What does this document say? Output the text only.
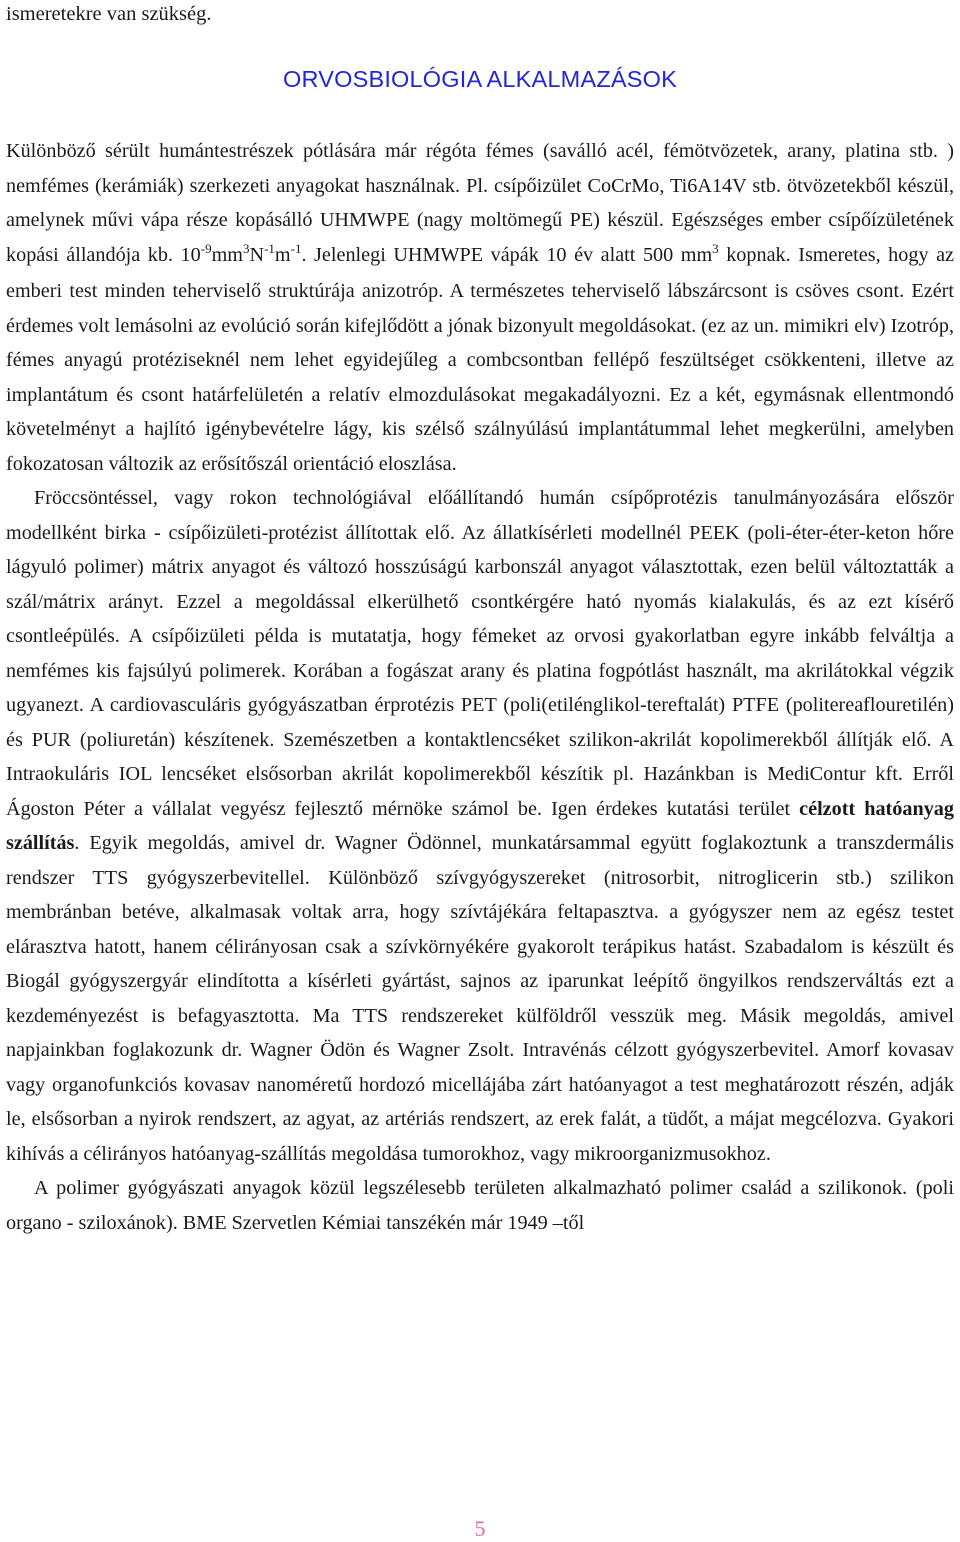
ismeretekre van szükség.
ORVOSBIOLÓGIA ALKALMAZÁSOK

Különböző sérült humántestrészek pótlására már régóta fémes (saválló acél, fémötvözetek, arany, platina stb. ) nemfémes (kerámiák) szerkezeti anyagokat használnak. Pl. csípőizület CoCrMo, Ti6A14V stb. ötvözetekből készül, amelynek művi vápa része kopásálló UHMWPE (nagy moltömegű PE) készül. Egészséges ember csípőízületének kopási állandója kb. $10^{-9}mm^3N^{-1}m^{-1}$. Jelenlegi UHMWPE vápák 10 év alatt 500 $mm^3$ kopnak. Ismeretes, hogy az emberi test minden teherviselő struktúrája anizotróp. A természetes teherviselő lábszárcsont is csöves csont. Ezért érdemes volt lemásolni az evolúció során kifejlődött a jónak bizonyult megoldásokat. (ez az un. mimikri elv) Izotróp, fémes anyagú protéziseknél nem lehet egyidejűleg a combcsontban fellépő feszültséget csökkenteni, illetve az implantátum és csont határfelületén a relatív elmozdulásokat megakadályozni. Ez a két, egymásnak ellentmondó követelményt a hajlító igénybevételre lágy, kis szélső szálnyúlású implantátummal lehet megkerülni, amelyben fokozatosan változik az erősítőszál orientáció eloszlása.

Fröccsöntéssel, vagy rokon technológiával előállítandó humán csípőprotézis tanulmányozására először modellként birka - csípőizületi-protézist állítottak elő. Az állatkísérleti modellnél PEEK (poli-éter-éter-keton hőre lágyuló polimer) mátrix anyagot és változó hosszúságú karbonszál anyagot választottak, ezen belül változtatták a szál/mátrix arányt. Ezzel a megoldással elkerülhető csontkérgére ható nyomás kialakulás, és az ezt kísérő csontleépülés. A csípőizületi példa is mutatatja, hogy fémeket az orvosi gyakorlatban egyre inkább felváltja a nemfémes kis fajsúlyú polimerek. Korában a fogászat arany és platina fogpótlást használt, ma akrilátokkal végzik ugyanezt. A cardiovasculáris gyógyászatban érprotézis PET (poli(etilénglikol-tereftalát) PTFE (politereaflouretilén) és PUR (poliuretán) készítenek. Szemészetben a kontaktlencséket szilikon-akrilát kopolimerekből állítják elő. A Intraokuláris IOL lencséket elsősorban akrilát kopolimerekből készítik pl. Hazánkban is MediContur kft. Erről Ágoston Péter a vállalat vegyész fejlesztő mérnöke számol be. Igen érdekes kutatási terület célzott hatóanyag szállítás. Egyik megoldás, amivel dr. Wagner Ödönnel, munkatársammal együtt foglakoztunk a transzdermális rendszer TTS gyógyszerbevitellel. Különböző szívgyógyszereket (nitrosorbit, nitroglicerin stb.) szilikon membránban betéve, alkalmasak voltak arra, hogy szívtájékára feltapasztva. a gyógyszer nem az egész testet elárasztva hatott, hanem célirányosan csak a szívkörnyékére gyakorolt terápikus hatást. Szabadalom is készült és Biogál gyógyszergyár elindította a kísérleti gyártást, sajnos az iparunkat leépítő öngyilkos rendszerváltás ezt a kezdeményezést is befagyasztotta. Ma TTS rendszereket külföldről vesszük meg. Másik megoldás, amivel napjainkban foglakozunk dr. Wagner Ödön és Wagner Zsolt. Intravénás célzott gyógyszerbevitel. Amorf kovasav vagy organofunkciós kovasav nanoméretű hordozó micellájába zárt hatóanyagot a test meghatározott részén, adják le, elsősorban a nyirok rendszert, az agyat, az artériás rendszert, az erek falát, a tüdőt, a májat megcélozva. Gyakori kihívás a célirányos hatóanyag-szállítás megoldása tumorokhoz, vagy mikroorganizmusokhoz.

A polimer gyógyászati anyagok közül legszélesebb területen alkalmazható polimer család a szilikonok. (poli organo - sziloxánok). BME Szervetlen Kémiai tanszékén már 1949 –től

5
